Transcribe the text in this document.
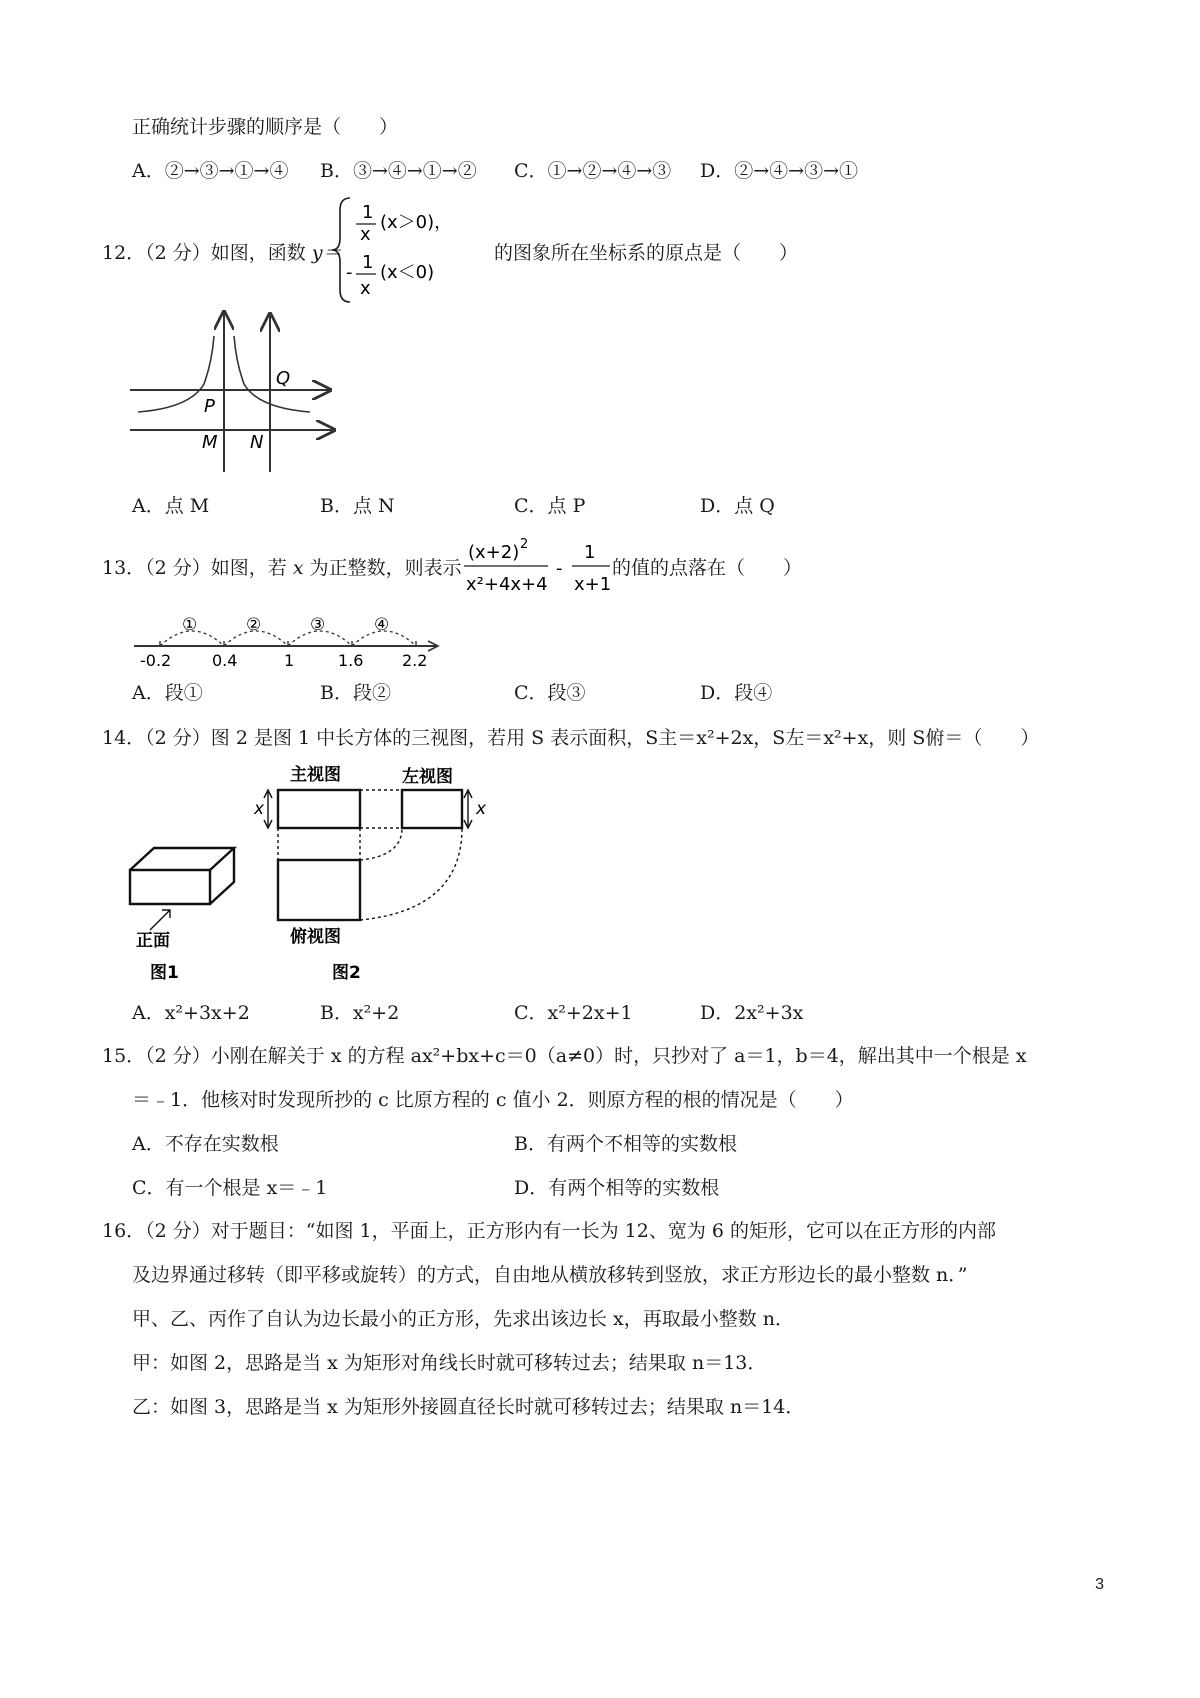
正确统计步骤的顺序是（　　）
A．②→③→①→④ B．③→④→①→② C．①→②→④→③ D．②→④→③→①
12．（2 分）如图，函数 y＝
1
x
(x＞0)，
- 1
x
(x＜0)
的图象所在坐标系的原点是（　　）
Q
P
M N
A．点 M	B．点 N	C．点 P	D．点 Q
13．（2 分）如图，若 x 为正整数，则表示
(x+2) 2
x²+4x+4
-
1
x+1
的值的点落在（　　）
①	②	③	④
-0.2	0.4	1	1.6 2.2
A．段①	B．段②	C．段③	D．段④
14．（2 分）图 2 是图 1 中长方体的三视图，若用 S 表示面积，S主＝x²+2x，S左＝x²+x，则 S俯＝（　　）
主视图	左视图
俯视图
正面
图1	图2
x	x
A．x²+3x+2	B．x²+2	C．x²+2x+1	D．2x²+3x
15．（2 分）小刚在解关于 x 的方程 ax²+bx+c＝0（a≠0）时，只抄对了 a＝1，b＝4，解出其中一个根是 x
＝﹣1．他核对时发现所抄的 c 比原方程的 c 值小 2．则原方程的根的情况是（　　）
A．不存在实数根	B．有两个不相等的实数根
C．有一个根是 x＝﹣1	D．有两个相等的实数根
16．（2 分）对于题目：“如图 1，平面上，正方形内有一长为 12、宽为 6 的矩形，它可以在正方形的内部
及边界通过移转（即平移或旋转）的方式，自由地从横放移转到竖放，求正方形边长的最小整数 n．”
甲、乙、丙作了自认为边长最小的正方形，先求出该边长 x，再取最小整数 n．
甲：如图 2，思路是当 x 为矩形对角线长时就可移转过去；结果取 n＝13．
乙：如图 3，思路是当 x 为矩形外接圆直径长时就可移转过去；结果取 n＝14．
3
